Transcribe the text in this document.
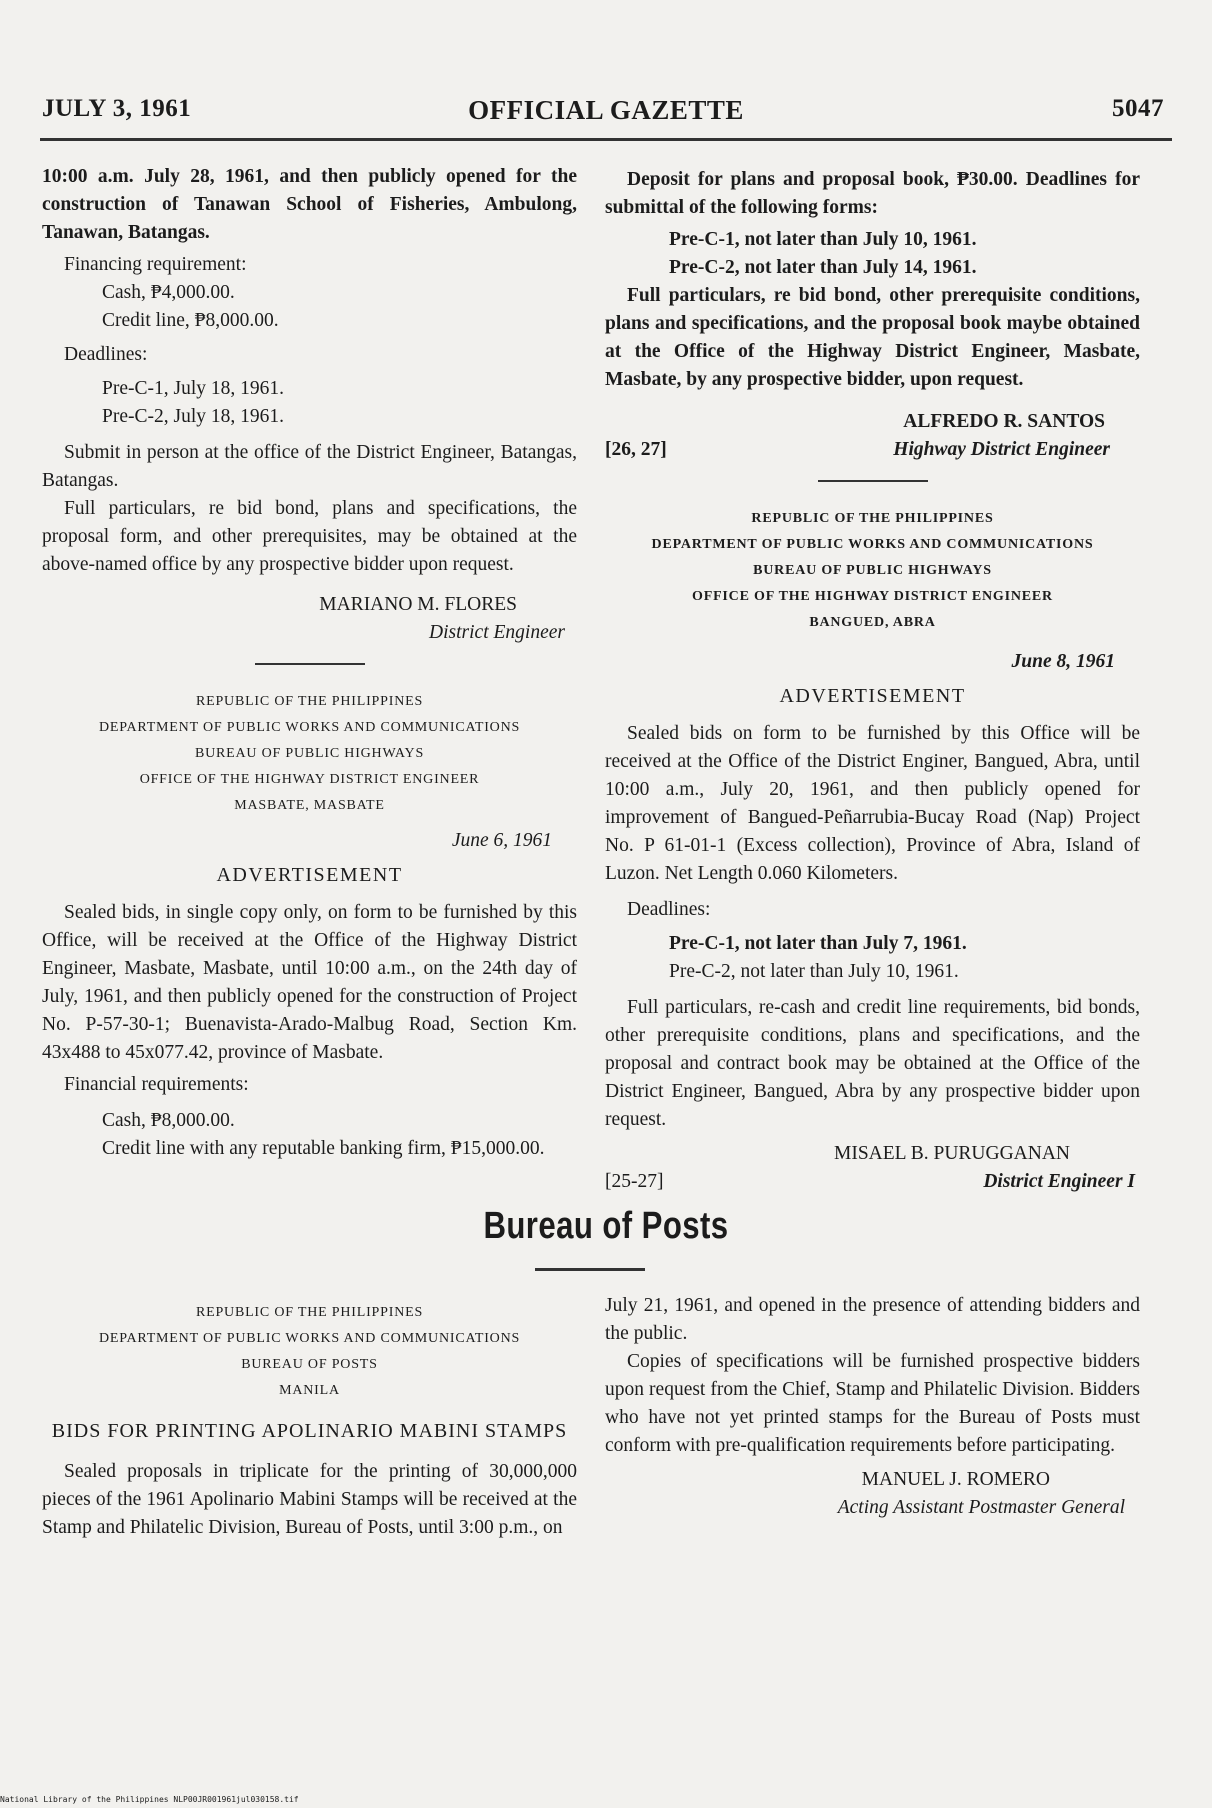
JULY 3, 1961	OFFICIAL GAZETTE	5047

10:00 a.m. July 28, 1961, and then publicly opened for the construction of Tanawan School of Fisheries, Ambulong, Tanawan, Batangas.

Financing requirement:

Cash, ₱4,000.00.

Credit line, ₱8,000.00.

Deadlines:

Pre-C-1, July 18, 1961.

Pre-C-2, July 18, 1961.

Submit in person at the office of the District Engineer, Batangas, Batangas.

Full particulars, re bid bond, plans and specifications, the proposal form, and other prerequisites, may be obtained at the above-named office by any prospective bidder upon request.

MARIANO M. FLORES

District Engineer

REPUBLIC OF THE PHILIPPINES
DEPARTMENT OF PUBLIC WORKS AND COMMUNICATIONS
BUREAU OF PUBLIC HIGHWAYS
OFFICE OF THE HIGHWAY DISTRICT ENGINEER
MASBATE, MASBATE

June 6, 1961

ADVERTISEMENT

Sealed bids, in single copy only, on form to be furnished by this Office, will be received at the Office of the Highway District Engineer, Masbate, Masbate, until 10:00 a.m., on the 24th day of July, 1961, and then publicly opened for the construction of Project No. P-57-30-1; Buenavista-Arado-Malbug Road, Section Km. 43x488 to 45x077.42, province of Masbate.

Financial requirements:

Cash, ₱8,000.00.

Credit line with any reputable banking firm, ₱15,000.00.

Deposit for plans and proposal book, ₱30.00. Deadlines for submittal of the following forms:

Pre-C-1, not later than July 10, 1961.

Pre-C-2, not later than July 14, 1961.

Full particulars, re bid bond, other prerequisite conditions, plans and specifications, and the proposal book maybe obtained at the Office of the Highway District Engineer, Masbate, Masbate, by any prospective bidder, upon request.

ALFREDO R. SANTOS

[26, 27]	Highway District Engineer
REPUBLIC OF THE PHILIPPINES
DEPARTMENT OF PUBLIC WORKS AND COMMUNICATIONS
BUREAU OF PUBLIC HIGHWAYS
OFFICE OF THE HIGHWAY DISTRICT ENGINEER
BANGUED, ABRA

June 8, 1961

ADVERTISEMENT

Sealed bids on form to be furnished by this Office will be received at the Office of the District Enginer, Bangued, Abra, until 10:00 a.m., July 20, 1961, and then publicly opened for improvement of Bangued-Peñarrubia-Bucay Road (Nap) Project No. P 61-01-1 (Excess collection), Province of Abra, Island of Luzon. Net Length 0.060 Kilometers.

Deadlines:

Pre-C-1, not later than July 7, 1961.

Pre-C-2, not later than July 10, 1961.

Full particulars, re-cash and credit line requirements, bid bonds, other prerequisite conditions, plans and specifications, and the proposal and contract book may be obtained at the Office of the District Engineer, Bangued, Abra by any prospective bidder upon request.

MISAEL B. PURUGGANAN

[25-27]	District Engineer I
Bureau of Posts
REPUBLIC OF THE PHILIPPINES
DEPARTMENT OF PUBLIC WORKS AND COMMUNICATIONS
BUREAU OF POSTS
MANILA

BIDS FOR PRINTING APOLINARIO MABINI STAMPS

Sealed proposals in triplicate for the printing of 30,000,000 pieces of the 1961 Apolinario Mabini Stamps will be received at the Stamp and Philatelic Division, Bureau of Posts, until 3:00 p.m., on

July 21, 1961, and opened in the presence of attending bidders and the public.

Copies of specifications will be furnished prospective bidders upon request from the Chief, Stamp and Philatelic Division. Bidders who have not yet printed stamps for the Bureau of Posts must conform with pre-qualification requirements before participating.

MANUEL J. ROMERO

Acting Assistant Postmaster General

National Library of the Philippines NLP00JR001961jul030158.tif
